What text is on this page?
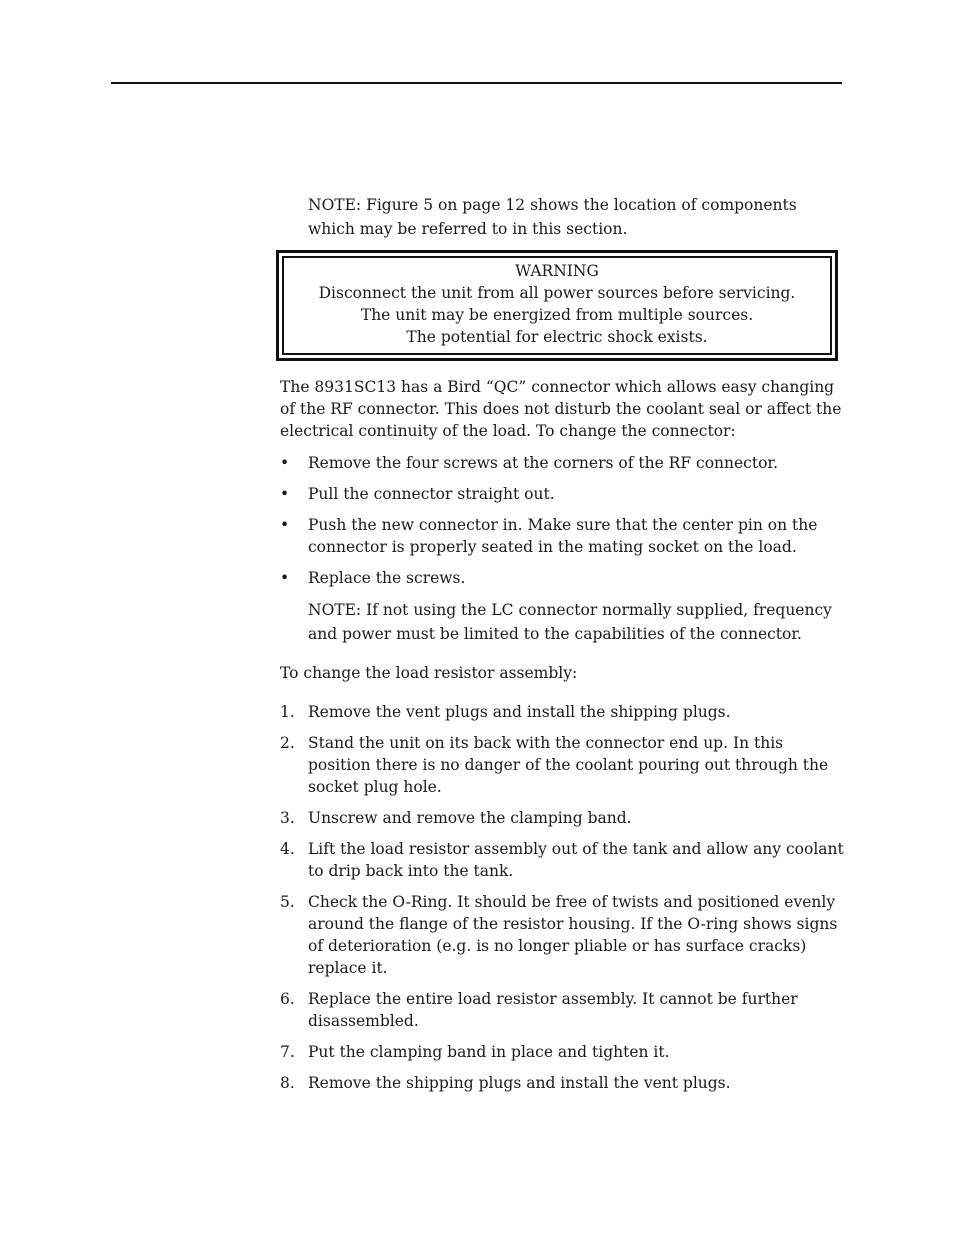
NOTE: Figure 5 on page 12 shows the location of components which may be referred to in this section.
WARNING
Disconnect the unit from all power sources before servicing.
The unit may be energized from multiple sources.
The potential for electric shock exists.

The 8931SC13 has a Bird “QC” connector which allows easy changing of the RF connector. This does not disturb the coolant seal or affect the electrical continuity of the load. To change the connector:

•	Remove the four screws at the corners of the RF connector.
•	Pull the connector straight out.
•	Push the new connector in. Make sure that the center pin on the connector is properly seated in the mating socket on the load.
•	Replace the screws.
NOTE: If not using the LC connector normally supplied, frequency and power must be limited to the capabilities of the connector.

To change the load resistor assembly:

1. Remove the vent plugs and install the shipping plugs.
2. Stand the unit on its back with the connector end up. In this position there is no danger of the coolant pouring out through the socket plug hole.
3. Unscrew and remove the clamping band.
4. Lift the load resistor assembly out of the tank and allow any coolant to drip back into the tank.
5. Check the O-Ring. It should be free of twists and positioned evenly around the flange of the resistor housing. If the O-ring shows signs of deterioration (e.g. is no longer pliable or has surface cracks) replace it.
6. Replace the entire load resistor assembly. It cannot be further disassembled.
7. Put the clamping band in place and tighten it.
8. Remove the shipping plugs and install the vent plugs.
